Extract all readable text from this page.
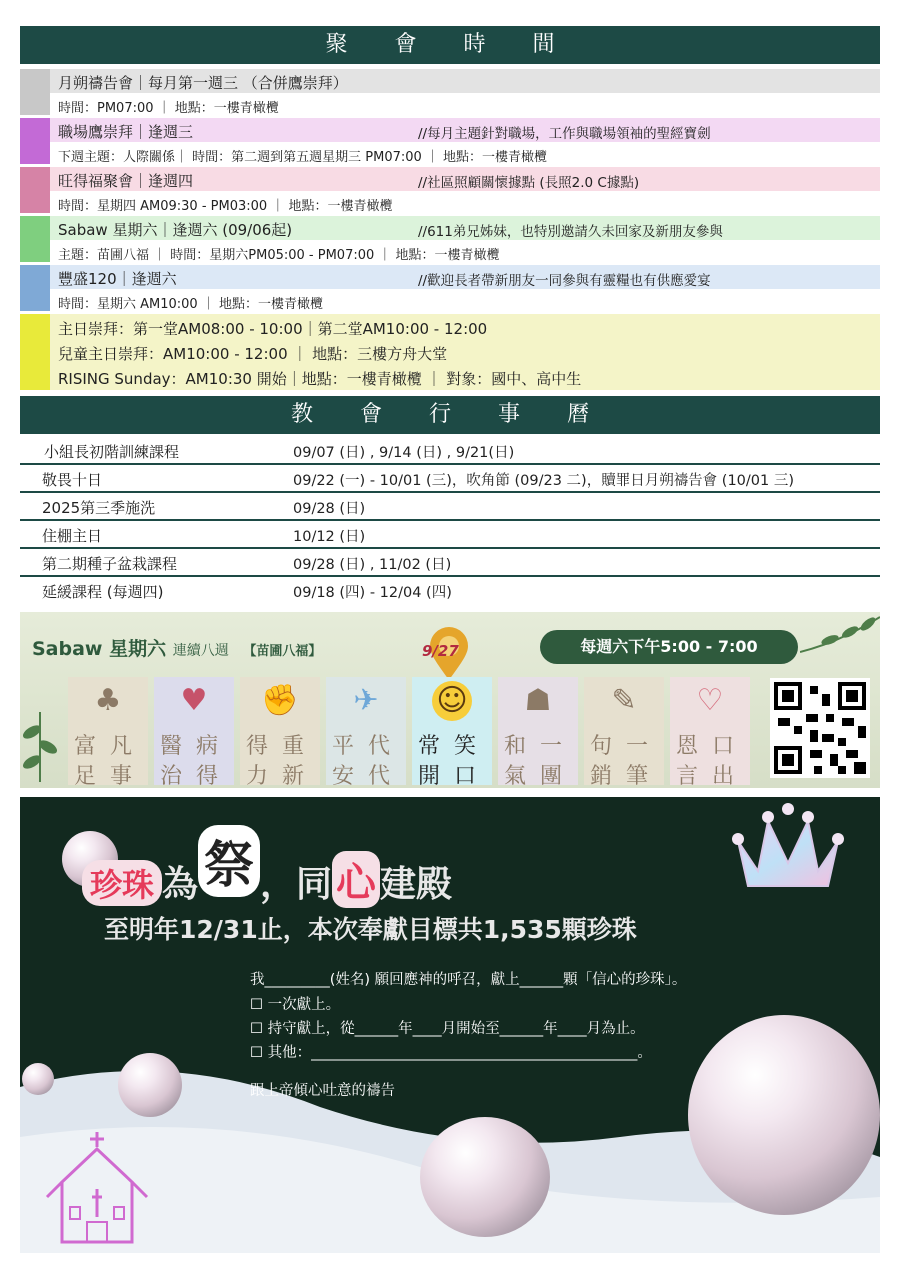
聚 會 時 間
月朔禱告會｜每月第一週三 （合併鷹崇拜）
時間：PM07:00 ｜ 地點：一樓青橄欖
職場鷹崇拜｜逢週三	//每月主題針對職場，工作與職場領袖的聖經寶劍
下週主題：人際關係｜ 時間：第二週到第五週星期三 PM07:00 ｜ 地點：一樓青橄欖
旺得福聚會｜逢週四	//社區照顧關懷據點 (長照2.0 C據點)
時間：星期四 AM09:30 - PM03:00 ｜ 地點：一樓青橄欖
Sabaw 星期六｜逢週六 (09/06起)	//611弟兄姊妹，也特別邀請久未回家及新朋友參與
主題：苗圃八福 ｜ 時間：星期六PM05:00 - PM07:00 ｜ 地點：一樓青橄欖
豐盛120｜逢週六	//歡迎長者帶新朋友一同參與有靈糧也有供應愛宴
時間：星期六 AM10:00 ｜ 地點：一樓青橄欖
主日崇拜：第一堂AM08:00 - 10:00｜第二堂AM10:00 - 12:00
兒童主日崇拜：AM10:00 - 12:00 ｜ 地點：三樓方舟大堂
RISING Sunday：AM10:30 開始｜地點：一樓青橄欖 ｜ 對象：國中、高中生
教 會 行 事 曆
小組長初階訓練課程	09/07 (日) , 9/14 (日) , 9/21(日)
敬畏十日	09/22 (一) - 10/01 (三)，吹角節 (09/23 二)，贖罪日月朔禱告會 (10/01 三)
2025第三季施洗	09/28 (日)
住棚主日	10/12 (日)
第二期種子盆栽課程	09/28 (日) , 11/02 (日)
延緩課程 (每週四)	09/18 (四) - 12/04 (四)
Sabaw 星期六 連續八週 【苗圃八福】	9/27	每週六下午5:00 - 7:00
♣
富凡
足事
♥
醫病
治得
✊
得重
力新
✈
平代
安代
☺
常笑
開口
☗
和一
氣團
✎
句一
銷筆
♡
恩口
言出
珍珠 為 祭 ，同 心 建殿
至明年12/31止，本次奉獻目標共1,535顆珍珠
我_________(姓名) 願回應神的呼召，獻上______顆「信心的珍珠」。
☐ 一次獻上。
☐ 持守獻上，從______年____月開始至______年____月為止。
☐ 其他：_____________________________________________。
跟上帝傾心吐意的禱告
